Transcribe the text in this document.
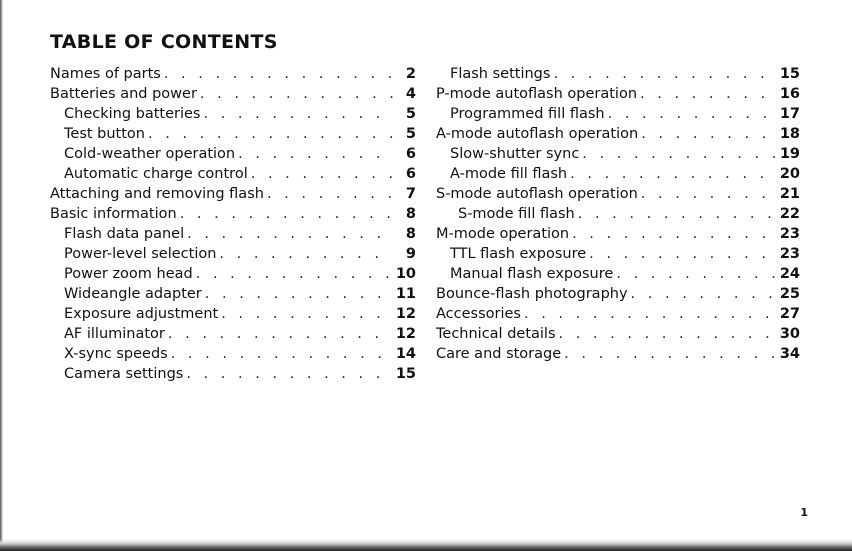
TABLE OF CONTENTS
Names of parts . . .	2
Batteries and power . . .	4
Checking batteries . . .	5
Test button . . .	5
Cold-weather operation . . .	6
Automatic charge control . . .	6
Attaching and removing flash . . .	7
Basic information . . .	8
Flash data panel . . .	8
Power-level selection . . .	9
Power zoom head . . .	10
Wideangle adapter . . .	11
Exposure adjustment . . .	12
AF illuminator . . .	12
X-sync speeds . . .	14
Camera settings . . .	15
Flash settings . . .	15
P-mode autoflash operation . . .	16
Programmed fill flash . . .	17
A-mode autoflash operation . . .	18
Slow-shutter sync . . .	19
A-mode fill flash . . .	20
S-mode autoflash operation . . .	21
S-mode fill flash . . .	22
M-mode operation . . .	23
TTL flash exposure . . .	23
Manual flash exposure . . .	24
Bounce-flash photography . . .	25
Accessories . . .	27
Technical details . . .	30
Care and storage . . .	34
1
